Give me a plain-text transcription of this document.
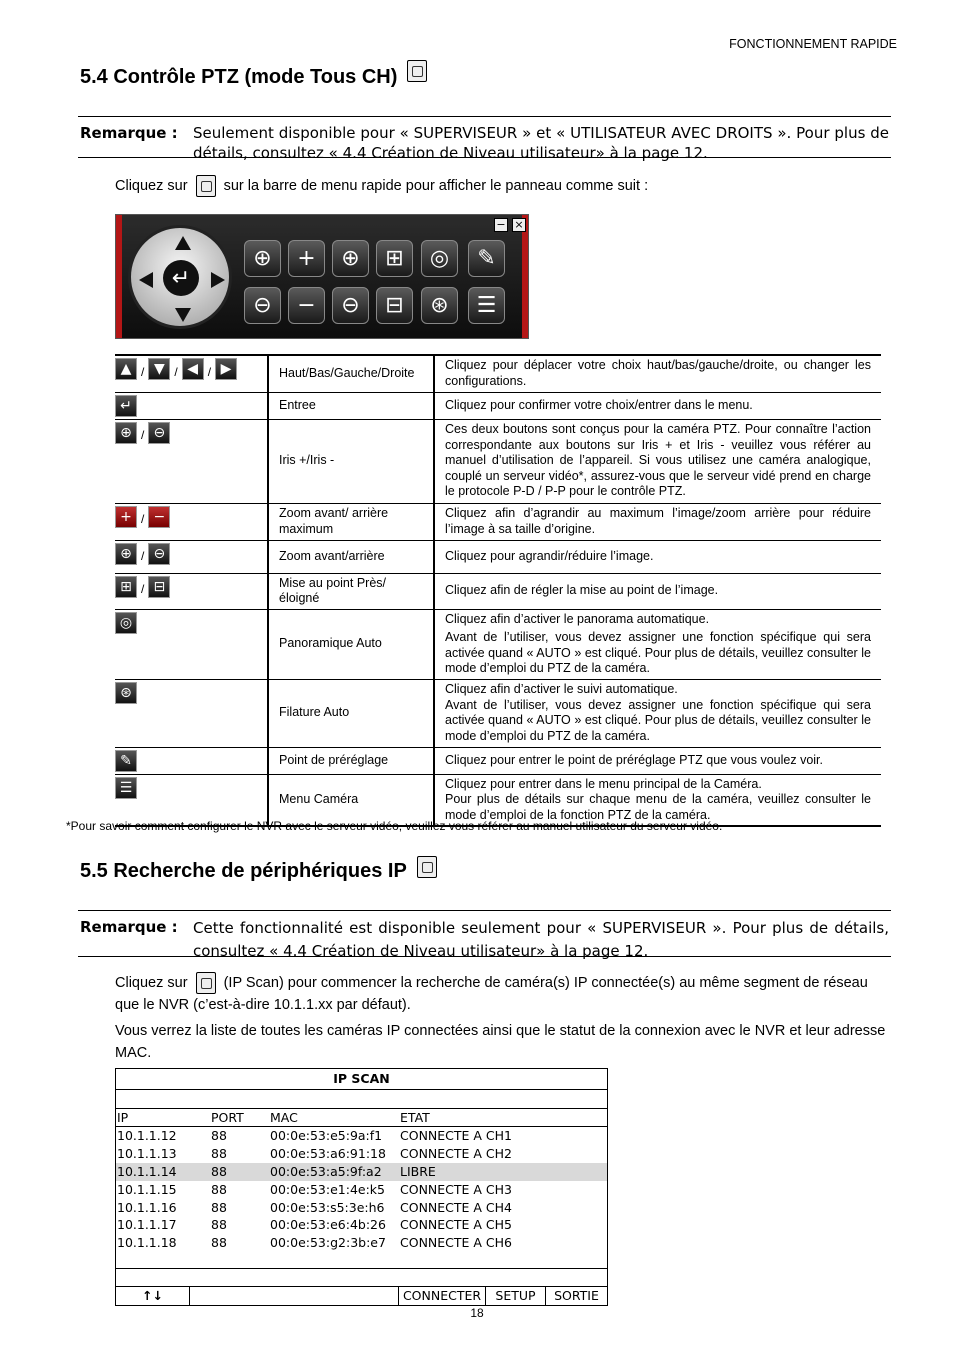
FONCTIONNEMENT RAPIDE
5.4 Contrôle PTZ (mode Tous CH)
Remarque :	Seulement disponible pour « SUPERVISEUR » et « UTILISATEUR AVEC DROITS ». Pour plus de détails, consultez « 4.4 Création de Niveau utilisateur» à la page 12.
Cliquez sur sur la barre de menu rapide pour afficher le panneau comme suit :
↵
⊕	+	⊕	⊞	◎	✎
⊖	−	⊖	⊟	⊛	☰
− ×
▲ / ▼ / ◀ / ▶	Haut/Bas/Gauche/Droite	Cliquez pour déplacer votre choix haut/bas/gauche/droite, ou changer les configurations.

↵	Entree	Cliquez pour confirmer votre choix/entrer dans le menu.

⊕ / ⊖	Iris +/Iris -	Ces deux boutons sont conçus pour la caméra PTZ. Pour connaître l’action correspondante aux boutons sur Iris + et Iris - veuillez vous référer au manuel d’utilisation de l’appareil. Si vous utilisez une caméra analogique, couplé un serveur vidéo*, assurez-vous que le serveur vidé prend en charge le protocole P-D / P-P pour le contrôle PTZ.

+ / −	Zoom avant/ arrière maximum	Cliquez afin d’agrandir au maximum l’image/zoom arrière pour réduire l’image à sa taille d’origine.

⊕ / ⊖	Zoom avant/arrière	Cliquez pour agrandir/réduire l’image.

⊞ / ⊟	Mise au point Près/éloigné	Cliquez afin de régler la mise au point de l’image.

◎	Panoramique Auto	Cliquez afin d’activer le panorama automatique.
Avant de l’utiliser, vous devez assigner une fonction spécifique qui sera activée quand « AUTO » est cliqué. Pour plus de détails, veuillez consulter le mode d’emploi du PTZ de la caméra.

⊛	Filature Auto	Cliquez afin d’activer le suivi automatique.
Avant de l’utiliser, vous devez assigner une fonction spécifique qui sera activée quand « AUTO » est cliqué. Pour plus de détails, veuillez consulter le mode d’emploi du PTZ de la caméra.

✎	Point de préréglage	Cliquez pour entrer le point de préréglage PTZ que vous voulez voir.

☰	Menu Caméra	Cliquez pour entrer dans le menu principal de la Caméra.
Pour plus de détails sur chaque menu de la caméra, veuillez consulter le mode d’emploi de la fonction PTZ de la caméra.
*Pour savoir comment configurer le NVR avec le serveur vidéo, veuillez vous référer au manuel utilisateur du serveur vidéo.
5.5 Recherche de périphériques IP
Remarque :	Cette fonctionnalité est disponible seulement pour « SUPERVISEUR ». Pour plus de détails, consultez « 4.4 Création de Niveau utilisateur» à la page 12.
Cliquez sur (IP Scan) pour commencer la recherche de caméra(s) IP connectée(s) au même segment de réseau que le NVR (c’est-à-dire 10.1.1.xx par défaut).
Vous verrez la liste de toutes les caméras IP connectées ainsi que le statut de la connexion avec le NVR et leur adresse MAC.
IP SCAN
IP	PORT	MAC	ETAT
10.1.1.12	88	00:0e:53:e5:9a:f1	CONNECTE A CH1
10.1.1.13	88	00:0e:53:a6:91:18	CONNECTE A CH2
10.1.1.14	88	00:0e:53:a5:9f:a2	LIBRE
10.1.1.15	88	00:0e:53:e1:4e:k5	CONNECTE A CH3
10.1.1.16	88	00:0e:53:s5:3e:h6	CONNECTE A CH4
10.1.1.17	88	00:0e:53:e6:4b:26	CONNECTE A CH5
10.1.1.18	88	00:0e:53:g2:3b:e7	CONNECTE A CH6
↑↓	CONNECTER	SETUP	SORTIE
18
